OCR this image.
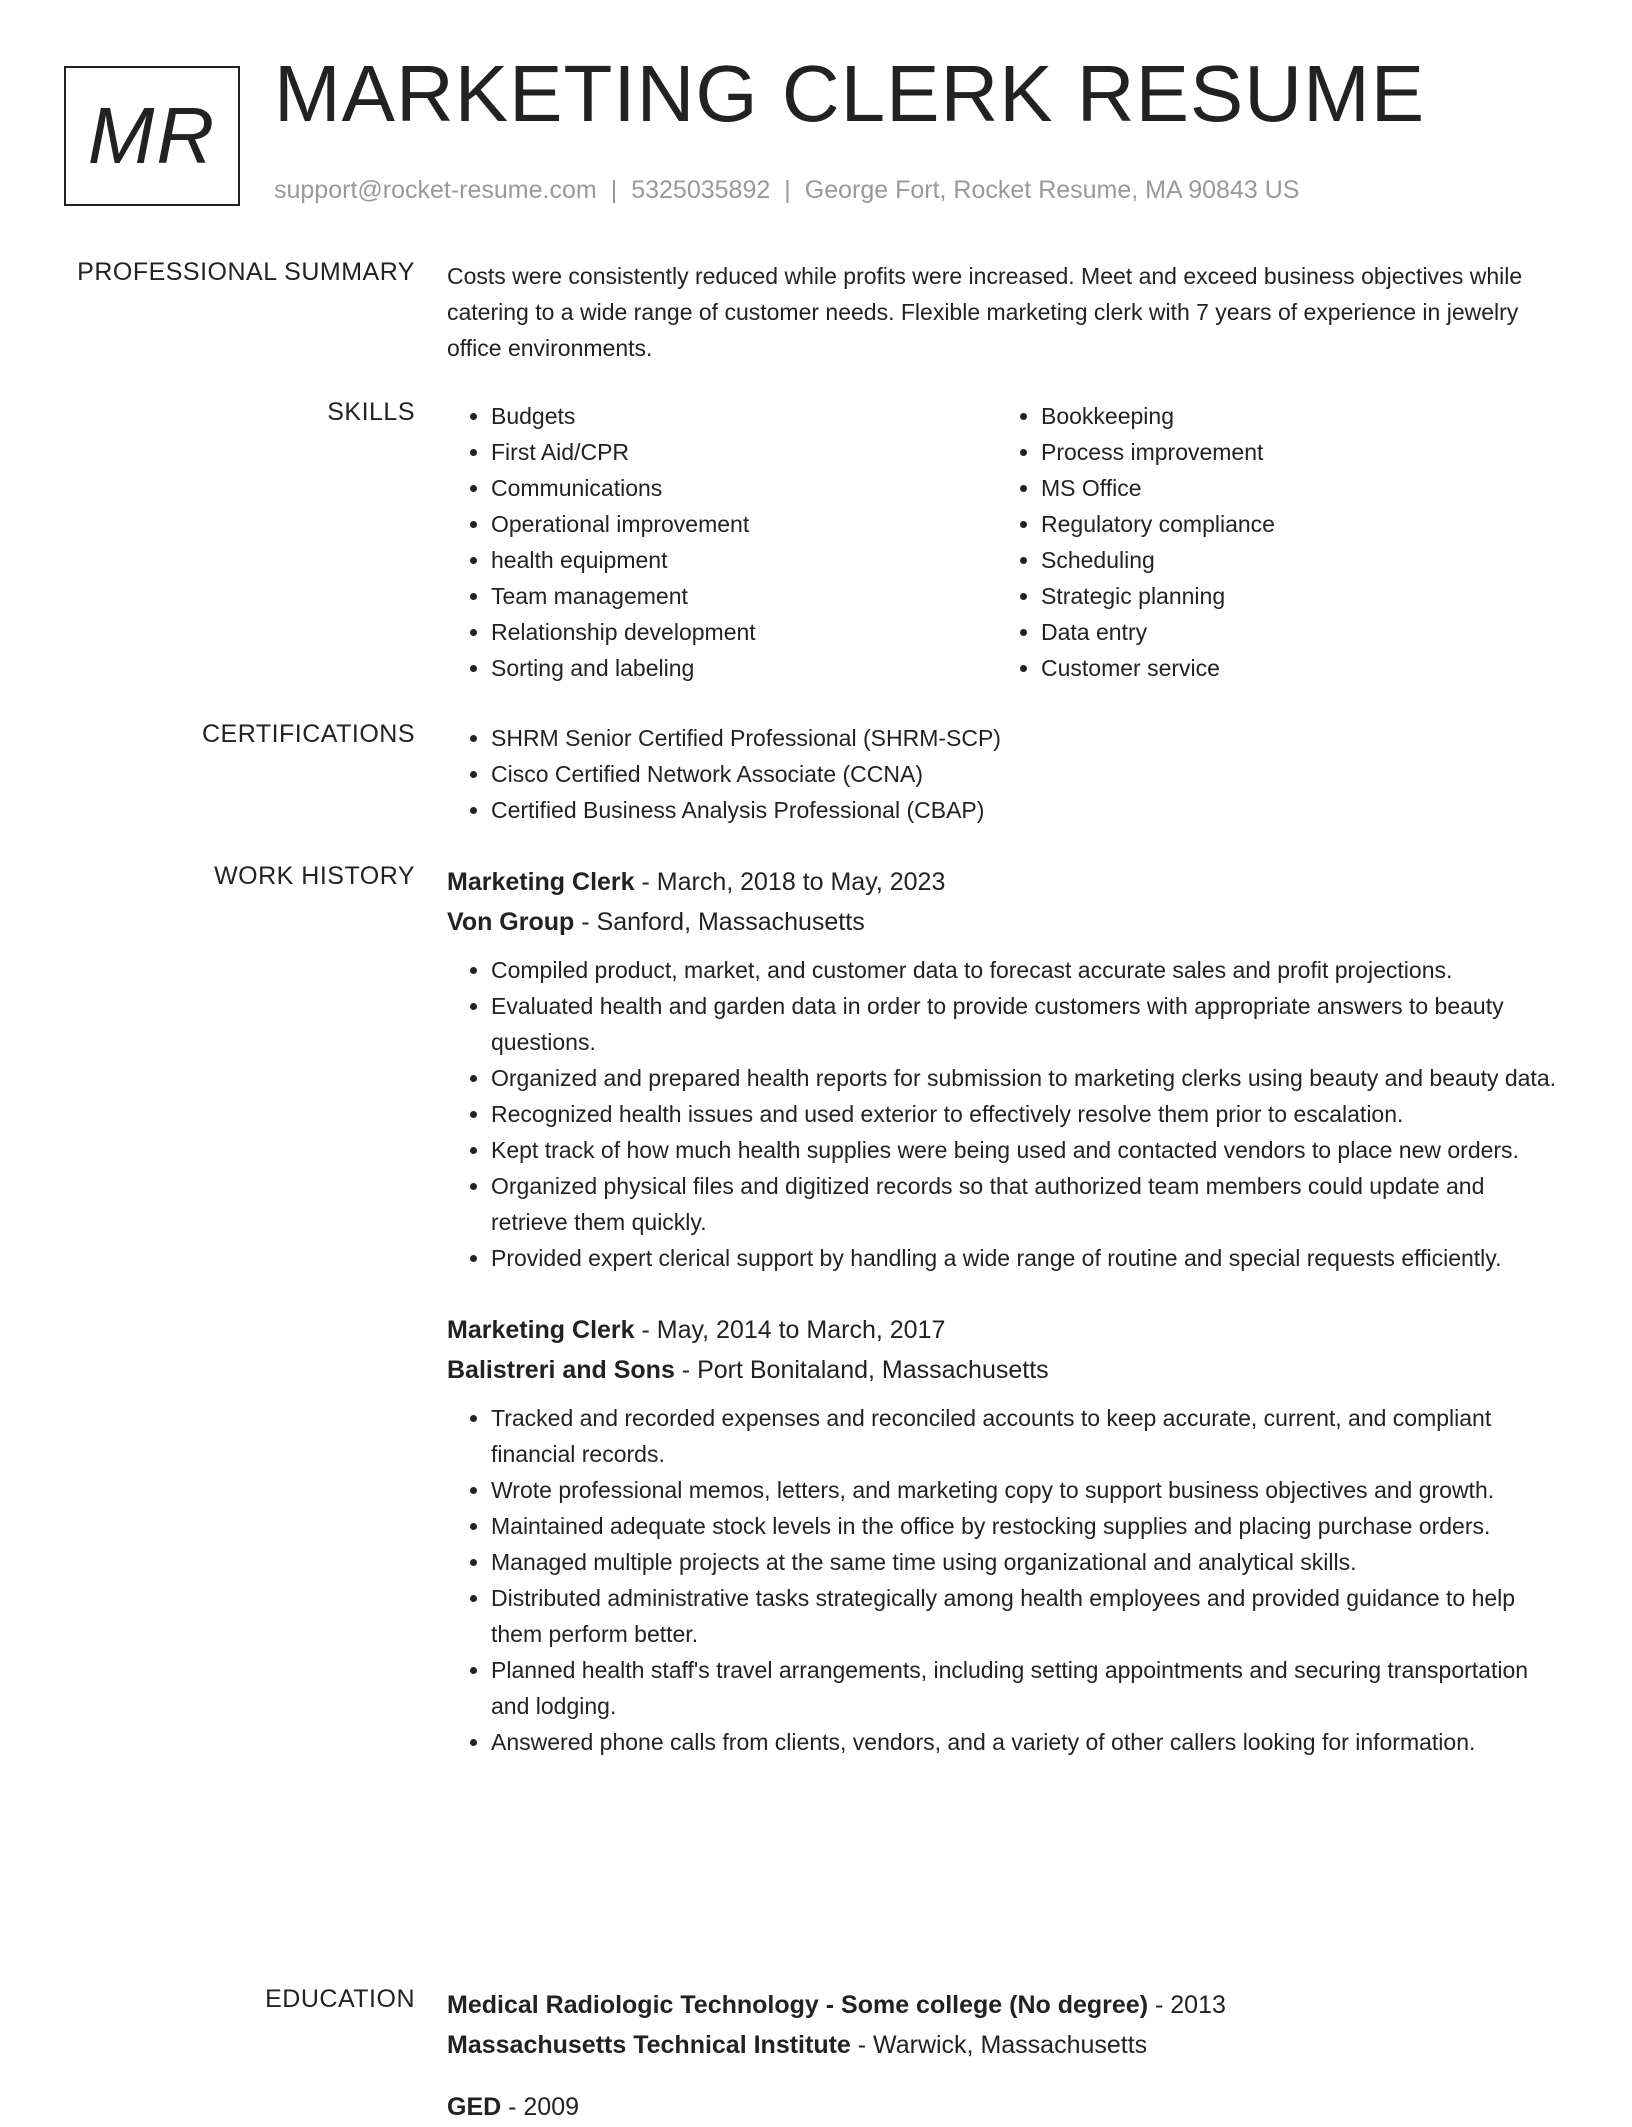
MR MARKETING CLERK RESUME
support@rocket-resume.com | 5325035892 | George Fort, Rocket Resume, MA 90843 US
PROFESSIONAL SUMMARY Costs were consistently reduced while profits were increased. Meet and exceed business objectives while catering to a wide range of customer needs. Flexible marketing clerk with 7 years of experience in jewelry office environments.
SKILLS	• Budgets
• First Aid/CPR
• Communications
• Operational improvement
• health equipment
• Team management
• Relationship development
• Sorting and labeling
• Bookkeeping
• Process improvement
• MS Office
• Regulatory compliance
• Scheduling
• Strategic planning
• Data entry
• Customer service
CERTIFICATIONS	• SHRM Senior Certified Professional (SHRM-SCP)
• Cisco Certified Network Associate (CCNA)
• Certified Business Analysis Professional (CBAP)
WORK HISTORY Marketing Clerk - March, 2018 to May, 2023
Von Group - Sanford, Massachusetts
• Compiled product, market, and customer data to forecast accurate sales and profit projections.
• Evaluated health and garden data in order to provide customers with appropriate answers to beauty questions.
• Organized and prepared health reports for submission to marketing clerks using beauty and beauty data.
• Recognized health issues and used exterior to effectively resolve them prior to escalation.
• Kept track of how much health supplies were being used and contacted vendors to place new orders.
• Organized physical files and digitized records so that authorized team members could update and retrieve them quickly.
• Provided expert clerical support by handling a wide range of routine and special requests efficiently.
Marketing Clerk - May, 2014 to March, 2017
Balistreri and Sons - Port Bonitaland, Massachusetts
• Tracked and recorded expenses and reconciled accounts to keep accurate, current, and compliant financial records.
• Wrote professional memos, letters, and marketing copy to support business objectives and growth.
• Maintained adequate stock levels in the office by restocking supplies and placing purchase orders.
• Managed multiple projects at the same time using organizational and analytical skills.
• Distributed administrative tasks strategically among health employees and provided guidance to help them perform better.
• Planned health staff's travel arrangements, including setting appointments and securing transportation and lodging.
• Answered phone calls from clients, vendors, and a variety of other callers looking for information.
EDUCATION Medical Radiologic Technology - Some college (No degree) - 2013
Massachusetts Technical Institute - Warwick, Massachusetts
GED - 2009
